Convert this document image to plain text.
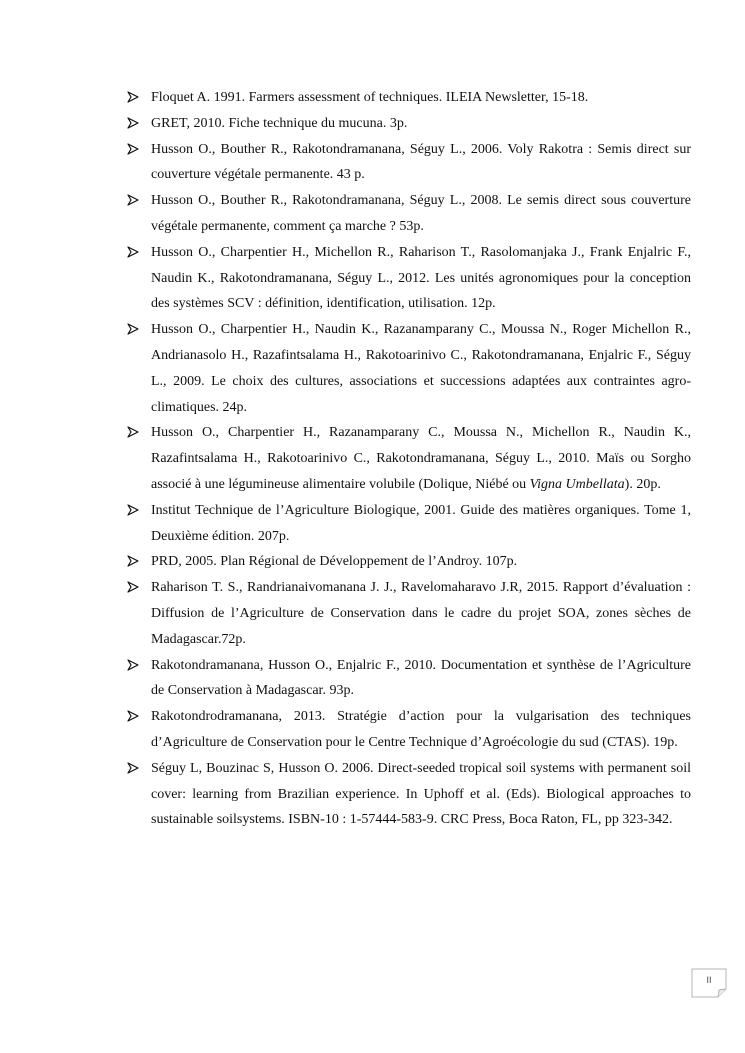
Floquet A. 1991. Farmers assessment of techniques. ILEIA Newsletter, 15-18.
GRET, 2010. Fiche technique du mucuna. 3p.
Husson O., Bouther R., Rakotondramanana, Séguy L., 2006. Voly Rakotra : Semis direct sur couverture végétale permanente. 43 p.
Husson O., Bouther R., Rakotondramanana, Séguy L., 2008. Le semis direct sous couverture végétale permanente, comment ça marche ? 53p.
Husson O., Charpentier H., Michellon R., Raharison T., Rasolomanjaka J., Frank Enjalric F., Naudin K., Rakotondramanana, Séguy L., 2012. Les unités agronomiques pour la conception des systèmes SCV : définition, identification, utilisation. 12p.
Husson O., Charpentier H., Naudin K., Razanamparany C., Moussa N., Roger Michellon R., Andrianasolo H., Razafintsalama H., Rakotoarinivo C., Rakotondramanana, Enjalric F., Séguy L., 2009. Le choix des cultures, associations et successions adaptées aux contraintes agro-climatiques. 24p.
Husson O., Charpentier H., Razanamparany C., Moussa N., Michellon R., Naudin K., Razafintsalama H., Rakotoarinivo C., Rakotondramanana, Séguy L., 2010. Maïs ou Sorgho associé à une légumineuse alimentaire volubile (Dolique, Niébé ou Vigna Umbellata). 20p.
Institut Technique de l’Agriculture Biologique, 2001. Guide des matières organiques. Tome 1, Deuxième édition. 207p.
PRD, 2005. Plan Régional de Développement de l’Androy. 107p.
Raharison T. S., Randrianaivomanana J. J., Ravelomaharavo J.R, 2015. Rapport d’évaluation : Diffusion de l’Agriculture de Conservation dans le cadre du projet SOA, zones sèches de Madagascar.72p.
Rakotondramanana, Husson O., Enjalric F., 2010. Documentation et synthèse de l’Agriculture de Conservation à Madagascar. 93p.
Rakotondrodramanana, 2013. Stratégie d’action pour la vulgarisation des techniques d’Agriculture de Conservation pour le Centre Technique d’Agroécologie du sud (CTAS). 19p.
Séguy L, Bouzinac S, Husson O. 2006. Direct-seeded tropical soil systems with permanent soil cover: learning from Brazilian experience. In Uphoff et al. (Eds). Biological approaches to sustainable soilsystems. ISBN-10 : 1-57444-583-9. CRC Press, Boca Raton, FL, pp 323-342.
II
